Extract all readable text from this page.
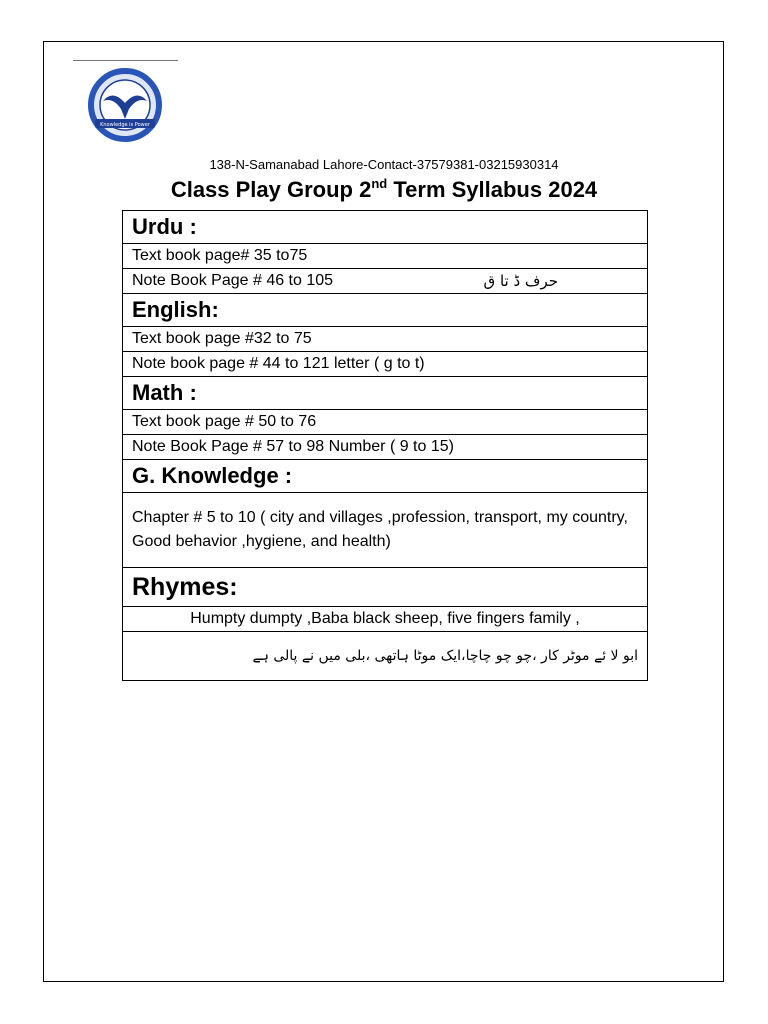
Knowledge is Power
138-N-Samanabad Lahore-Contact-37579381-03215930314
Class Play Group 2nd Term Syllabus 2024
Urdu :
Text book page# 35 to75
Note Book Page # 46 to 105	حرف ڈ تا ق

English:
Text book page #32 to 75
Note book page # 44 to 121 letter ( g to t)
Math :
Text book page # 50 to 76
Note Book Page # 57 to 98 Number ( 9 to 15)
G. Knowledge :
Chapter # 5 to 10 ( city and villages ,profession, transport, my country, Good behavior ,hygiene, and health)
Rhymes:
Humpty dumpty ,Baba black sheep, five fingers family ,
ابو لا ئے موٹر کار ،چو چو چاچا،ایک موٹا ہاتھی ،بلی میں نے پالی ہے
